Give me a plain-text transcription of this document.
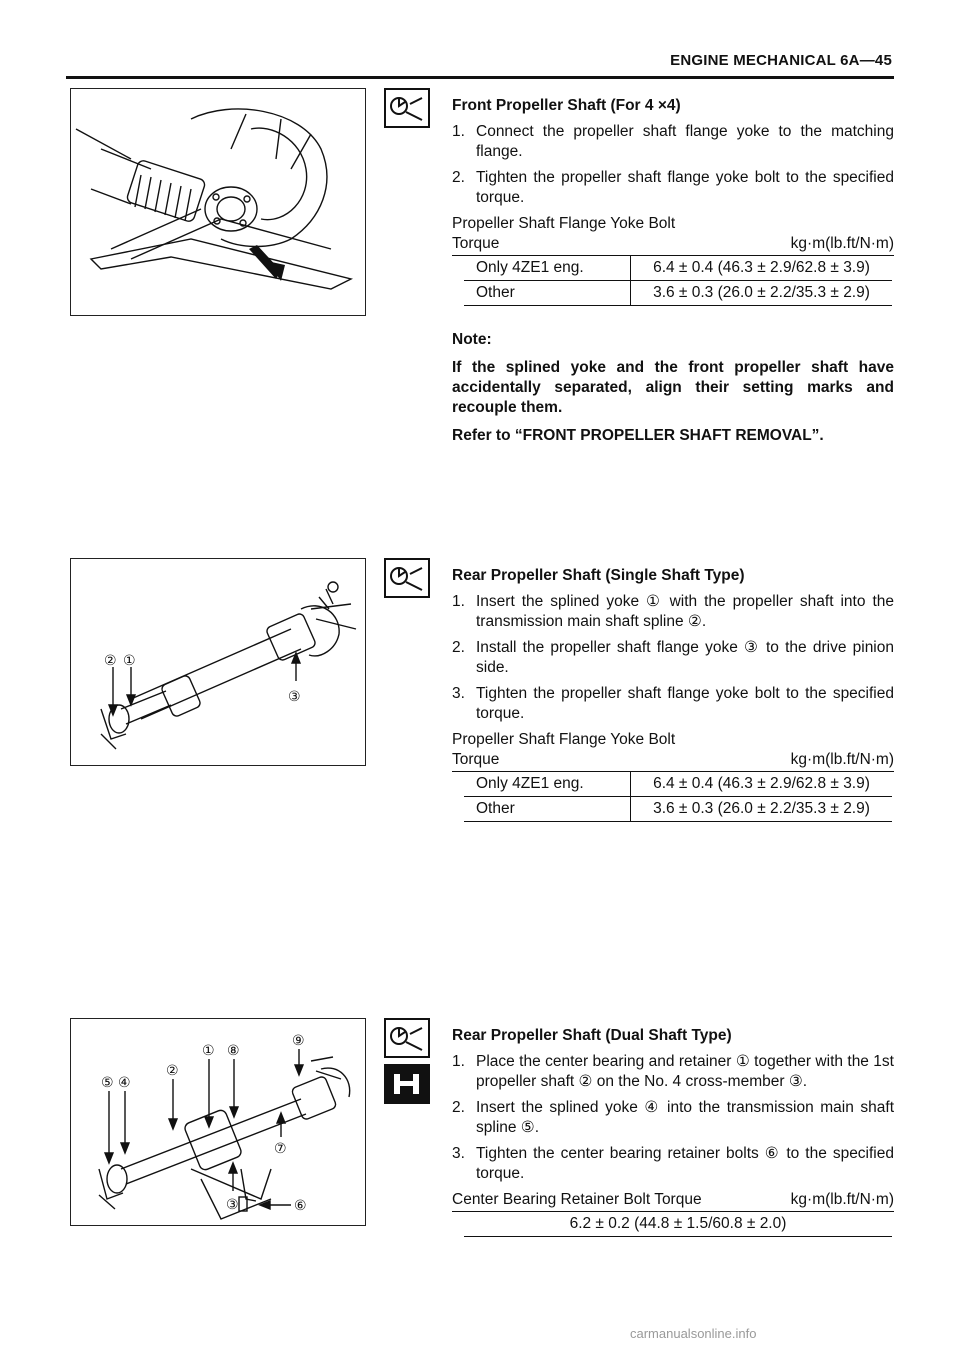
ENGINE MECHANICAL 6A—45
② ①
③
① ⑧
⑨
②
⑤ ④
⑦
③	⑥
Front Propeller Shaft (For 4 ×4)
1. Connect the propeller shaft flange yoke to the matching flange.
2. Tighten the propeller shaft flange yoke bolt to the specified torque.
Propeller Shaft Flange Yoke Bolt
Torque	kg·m(lb.ft/N·m)
Only 4ZE1 eng.	6.4 ± 0.4 (46.3 ± 2.9/62.8 ± 3.9)
Other	3.6 ± 0.3 (26.0 ± 2.2/35.3 ± 2.9)
Note:
If the splined yoke and the front propeller shaft have accidentally separated, align their setting marks and recouple them.
Refer to “FRONT PROPELLER SHAFT REMOVAL”.
Rear Propeller Shaft (Single Shaft Type)
1. Insert the splined yoke ① with the propeller shaft into the transmission main shaft spline ②.
2. Install the propeller shaft flange yoke ③ to the drive pinion side.
3. Tighten the propeller shaft flange yoke bolt to the specified torque.
Propeller Shaft Flange Yoke Bolt
Torque	kg·m(lb.ft/N·m)
Only 4ZE1 eng.	6.4 ± 0.4 (46.3 ± 2.9/62.8 ± 3.9)
Other	3.6 ± 0.3 (26.0 ± 2.2/35.3 ± 2.9)
Rear Propeller Shaft (Dual Shaft Type)
1. Place the center bearing and retainer ① together with the 1st propeller shaft ② on the No. 4 cross-member ③.
2. Insert the splined yoke ④ into the transmission main shaft spline ⑤.
3. Tighten the center bearing retainer bolts ⑥ to the specified torque.
Center Bearing Retainer Bolt Torque	kg·m(lb.ft/N·m)
6.2 ± 0.2 (44.8 ± 1.5/60.8 ± 2.0)
carmanualsonline.info
